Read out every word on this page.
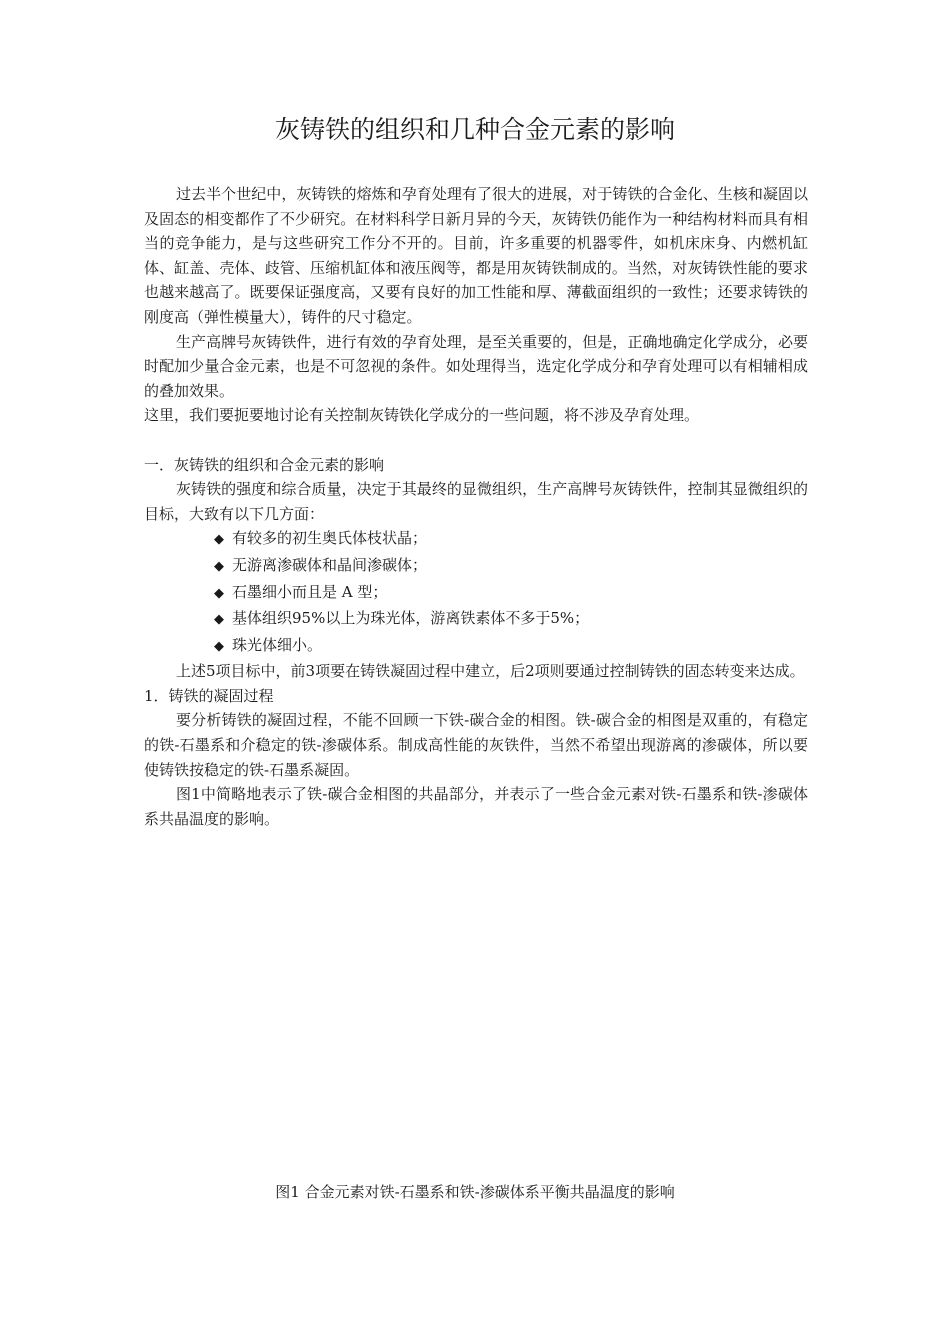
灰铸铁的组织和几种合金元素的影响

过去半个世纪中，灰铸铁的熔炼和孕育处理有了很大的进展，对于铸铁的合金化、生核和凝固以及固态的相变都作了不少研究。在材料科学日新月异的今天，灰铸铁仍能作为一种结构材料而具有相当的竞争能力，是与这些研究工作分不开的。目前，许多重要的机器零件，如机床床身、内燃机缸体、缸盖、壳体、歧管、压缩机缸体和液压阀等，都是用灰铸铁制成的。当然，对灰铸铁性能的要求也越来越高了。既要保证强度高，又要有良好的加工性能和厚、薄截面组织的一致性；还要求铸铁的刚度高（弹性模量大），铸件的尺寸稳定。

生产高牌号灰铸铁件，进行有效的孕育处理，是至关重要的，但是，正确地确定化学成分，必要时配加少量合金元素，也是不可忽视的条件。如处理得当，选定化学成分和孕育处理可以有相辅相成的叠加效果。

这里，我们要扼要地讨论有关控制灰铸铁化学成分的一些问题，将不涉及孕育处理。

一．灰铸铁的组织和合金元素的影响

灰铸铁的强度和综合质量，决定于其最终的显微组织，生产高牌号灰铸铁件，控制其显微组织的目标，大致有以下几方面：

◆ 有较多的初生奥氏体枝状晶；
◆ 无游离渗碳体和晶间渗碳体；
◆ 石墨细小而且是 A 型；
◆ 基体组织95%以上为珠光体，游离铁素体不多于5%；
◆ 珠光体细小。

上述5项目标中，前3项要在铸铁凝固过程中建立，后2项则要通过控制铸铁的固态转变来达成。

1．铸铁的凝固过程

要分析铸铁的凝固过程，不能不回顾一下铁-碳合金的相图。铁-碳合金的相图是双重的，有稳定的铁-石墨系和介稳定的铁-渗碳体系。制成高性能的灰铁件，当然不希望出现游离的渗碳体，所以要使铸铁按稳定的铁-石墨系凝固。

图1中简略地表示了铁-碳合金相图的共晶部分，并表示了一些合金元素对铁-石墨系和铁-渗碳体系共晶温度的影响。

图1 合金元素对铁-石墨系和铁-渗碳体系平衡共晶温度的影响
